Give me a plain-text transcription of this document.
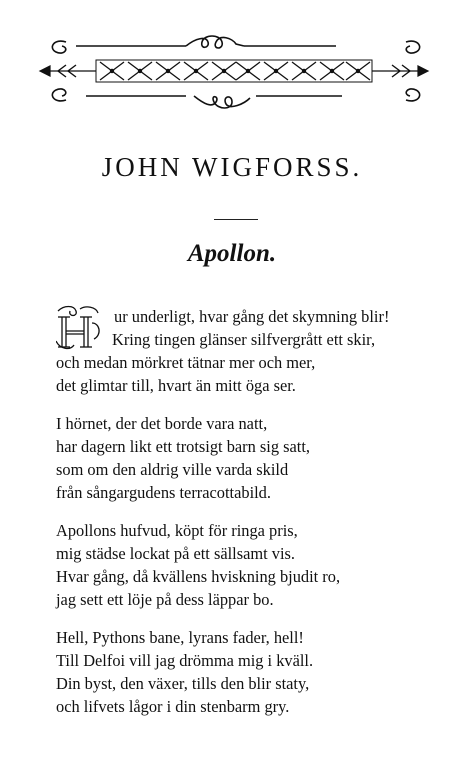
JOHN WIGFORSS.
Apollon.
ur underligt, hvar gång det skymning blir!
Kring tingen glänser silfvergrått ett skir,
och medan mörkret tätnar mer och mer,
det glimtar till, hvart än mitt öga ser.
I hörnet, der det borde vara natt,
har dagern likt ett trotsigt barn sig satt,
som om den aldrig ville varda skild
från sångargudens terracottabild.
Apollons hufvud, köpt för ringa pris,
mig städse lockat på ett sällsamt vis.
Hvar gång, då kvällens hviskning bjudit ro,
jag sett ett löje på dess läppar bo.
Hell, Pythons bane, lyrans fader, hell!
Till Delfoi vill jag drömma mig i kväll.
Din byst, den växer, tills den blir staty,
och lifvets lågor i din stenbarm gry.
